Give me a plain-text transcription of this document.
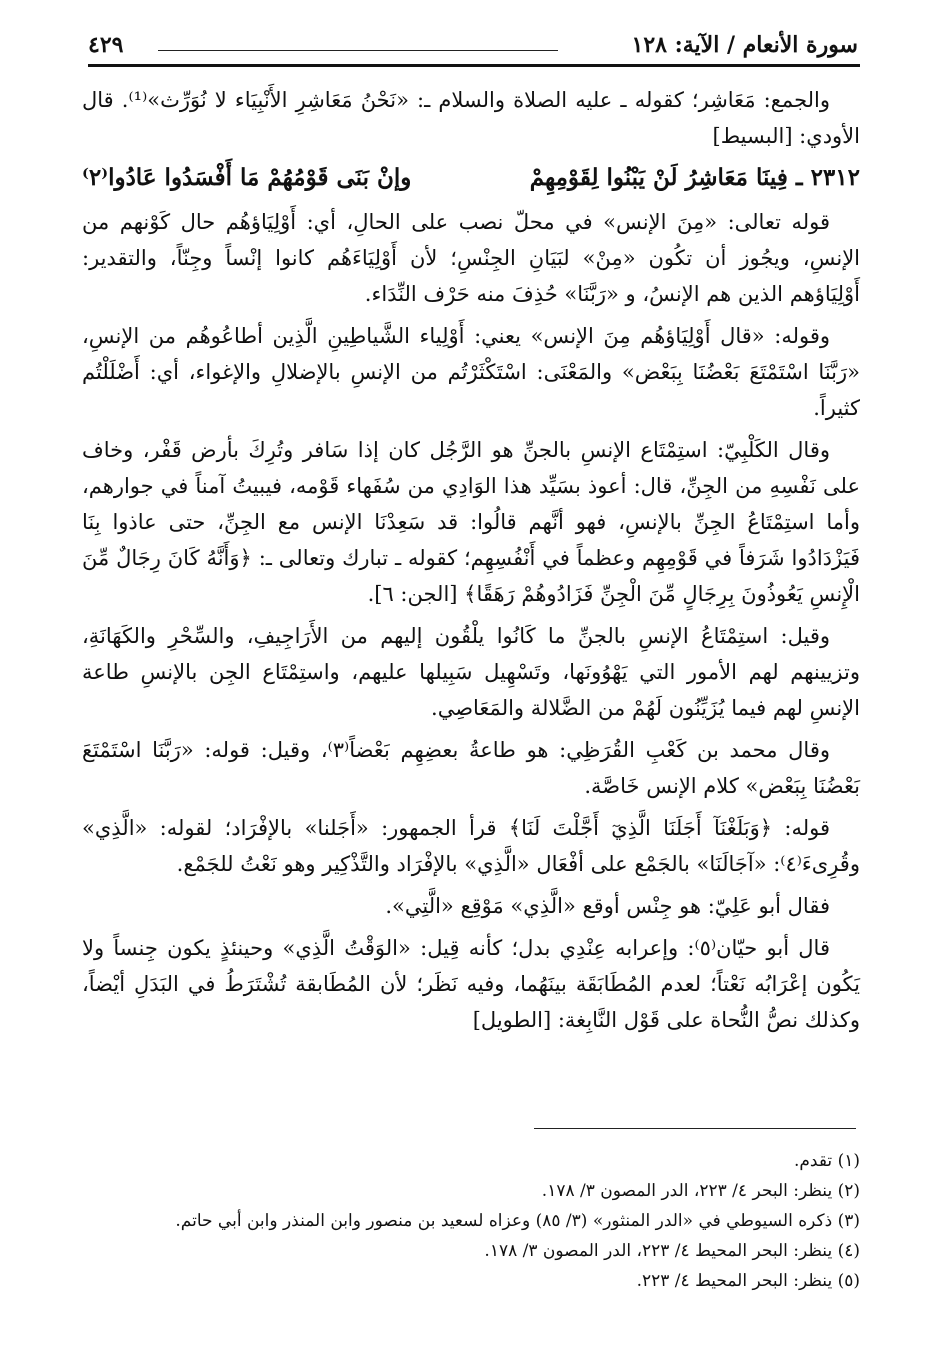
سورة الأنعام / الآية: ١٢٨
٤٢٩

والجمع: مَعَاشِر؛ كقوله ـ عليه الصلاة والسلام ـ: «نَحْنُ مَعَاشِرِ الأَنْبِيَاء لا نُوَرِّث»⁽¹⁾. قال الأودي: [البسيط]

٢٣١٢ ـ فِينَا مَعَاشِرُ لَنْ يَبْنُوا لِقَوْمِهِمْ
وإنْ بَنَى قَوْمُهُمْ مَا أَفْسَدُوا عَادُوا⁽٢⁾

قوله تعالى: «مِنَ الإنس» في محلّ نصب على الحالِ، أي: أَوْلِيَاؤهُم حال كَوْنهم من الإنسِ، ويجُوز أن تكُون «مِنْ» لبَيَانِ الجِنْسِ؛ لأن أَوْلِيَاءَهُم كانوا إنْساً وجِنّاً، والتقدير: أَوْلِيَاؤهم الذين هم الإنسُ، و «رَبَّنَا» حُذِفَ منه حَرْف النِّدَاء.

وقوله: «قال أَوْلِيَاؤهُم مِنَ الإنس» يعني: أَوْلِياء الشَّياطِينِ الَّذِين أطاعُوهُم من الإنسِ، «رَبَّنَا اسْتَمْتَعَ بَعْضُنَا بِبَعْض» والمَعْنَى: اسْتَكْثَرْتُم من الإنسِ بالإضلالِ والإغواء، أي: أَضْلَلْتُم كثيراً.

وقال الكَلْبِيّ: استِمْتَاع الإنسِ بالجنِّ هو الرَّجُل كان إذا سَافر وتُرِكَ بأرض قَفْر، وخاف على نَفْسِهِ من الجِنِّ، قال: أعوذ بسَيِّد هذا الوَادِي من سُفَهاء قَوْمه، فيبيتُ آمناً في جوارهم، وأما استِمْتَاعُ الجِنِّ بالإنسِ، فهو أنَّهم قالُوا: قد سَعِدْنَا الإنس مع الجِنِّ، حتى عاذوا بِنَا فَيَزْدَادُوا شَرَفاً في قَوْمِهِم وعظماً في أَنْفُسِهِم؛ كقوله ـ تبارك وتعالى ـ: ﴿وَأَنَّهُ كَانَ رِجَالٌ مِّنَ الْإِنسِ يَعُوذُونَ بِرِجَالٍ مِّنَ الْجِنِّ فَزَادُوهُمْ رَهَقًا﴾ [الجن: ٦].

وقيل: استِمْتَاعُ الإنسِ بالجنِّ ما كَانُوا يلْقُون إليهم من الأَرَاجِيفِ، والسِّحْرِ والكَهَانَةِ، وتزيينهم لهم الأمور التي يَهْوُونَها، وتَسْهِيل سَبِيلها عليهم، واستِمْتَاع الجِن بالإنسِ طاعة الإنسِ لهم فيما يُزَيِّنُون لَهُمْ من الضَّلالة والمَعَاصِي.

وقال محمد بن كَعْبِ القُرَظِي: هو طاعةُ بعضِهِم بَعْضاً⁽٣⁾، وقيل: قوله: «رَبَّنَا اسْتَمْتَعَ بَعْضُنَا بِبَعْض» كلام الإنس خَاصَّة.

قوله: ﴿وَبَلَغْنَآ أَجَلَنَا الَّذِيٓ أَجَّلْتَ لَنَا﴾ قرأ الجمهور: «أَجَلنا» بالإفْرَاد؛ لقوله: «الَّذِي» وقُرِىءَ⁽٤⁾: «آجَالَنَا» بالجَمْع على أفْعَال «الَّذِي» بالإفْرَاد والتَّذْكِير وهو نَعْتُ للجَمْع.

فقال أبو عَلِيّ: هو جِنْس أوقع «الَّذِي» مَوْقِع «الَّتِي».

قال أبو حيّان⁽٥⁾: وإعرابه عِنْدِي بدل؛ كأنه قِيل: «الوَقْتُ الَّذِي» وحينئذٍ يكون جِنساً ولا يَكُون إعْرَابُه نَعْتاً؛ لعدم المُطَابَقَة بينَهُما، وفيه نَظَر؛ لأن المُطَابقة تُشْتَرَطُ في البَدَلِ أيْضاً، وكذلك نصُّ النُّحاة على قَوْل النَّابِغة: [الطويل]

(١) تقدم.
(٢) ينظر: البحر ٤/ ٢٢٣، الدر المصون ٣/ ١٧٨.
(٣) ذكره السيوطي في «الدر المنثور» (٣/ ٨٥) وعزاه لسعيد بن منصور وابن المنذر وابن أبي حاتم.
(٤) ينظر: البحر المحيط ٤/ ٢٢٣، الدر المصون ٣/ ١٧٨.
(٥) ينظر: البحر المحيط ٤/ ٢٢٣.
